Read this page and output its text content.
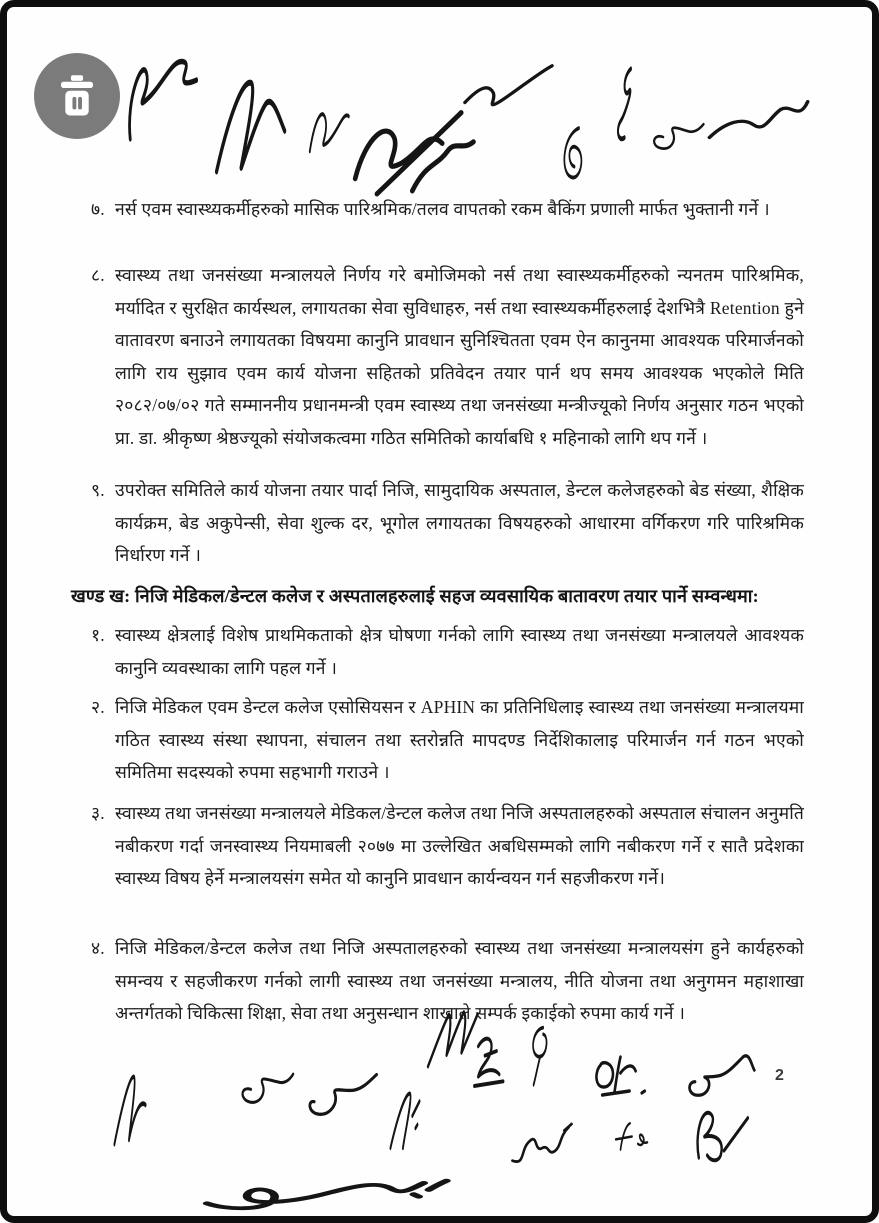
७. नर्स एवम स्वास्थ्यकर्मीहरुको मासिक पारिश्रमिक/तलव वापतको रकम बैकिंग प्रणाली मार्फत भुक्तानी गर्ने ।
८. स्वास्थ्य तथा जनसंख्या मन्त्रालयले निर्णय गरे बमोजिमको नर्स तथा स्वास्थ्यकर्मीहरुको न्यनतम पारिश्रमिक, मर्यादित र सुरक्षित कार्यस्थल, लगायतका सेवा सुविधाहरु, नर्स तथा स्वास्थ्यकर्मीहरुलाई देशभित्रै Retention हुने वातावरण बनाउने लगायतका विषयमा कानुनि प्रावधान सुनिश्चितता एवम ऐन कानुनमा आवश्यक परिमार्जनको लागि राय सुझाव एवम कार्य योजना सहितको प्रतिवेदन तयार पार्न थप समय आवश्यक भएकोले मिति २०८२/०७/०२ गते सम्माननीय प्रधानमन्त्री एवम स्वास्थ्य तथा जनसंख्या मन्त्रीज्यूको निर्णय अनुसार गठन भएको प्रा. डा. श्रीकृष्ण श्रेष्ठज्यूको संयोजकत्वमा गठित समितिको कार्याबधि १ महिनाको लागि थप गर्ने ।
९. उपरोक्त समितिले कार्य योजना तयार पार्दा निजि, सामुदायिक अस्पताल, डेन्टल कलेजहरुको बेड संख्या, शैक्षिक कार्यक्रम, बेड अकुपेन्सी, सेवा शुल्क दर, भूगोल लगायतका विषयहरुको आधारमा वर्गिकरण गरि पारिश्रमिक निर्धारण गर्ने ।
खण्ड ख: निजि मेडिकल/डेन्टल कलेज र अस्पतालहरुलाई सहज व्यवसायिक बातावरण तयार पार्ने सम्वन्धमा:
१. स्वास्थ्य क्षेत्रलाई विशेष प्राथमिकताको क्षेत्र घोषणा गर्नको लागि स्वास्थ्य तथा जनसंख्या मन्त्रालयले आवश्यक कानुनि व्यवस्थाका लागि पहल गर्ने ।
२. निजि मेडिकल एवम डेन्टल कलेज एसोसियसन र APHIN का प्रतिनिधिलाइ स्वास्थ्य तथा जनसंख्या मन्त्रालयमा गठित स्वास्थ्य संस्था स्थापना, संचालन तथा स्तरोन्नति मापदण्ड निर्देशिकालाइ परिमार्जन गर्न गठन भएको समितिमा सदस्यको रुपमा सहभागी गराउने ।
३. स्वास्थ्य तथा जनसंख्या मन्त्रालयले मेडिकल/डेन्टल कलेज तथा निजि अस्पतालहरुको अस्पताल संचालन अनुमति नबीकरण गर्दा जनस्वास्थ्य नियमाबली २०७७ मा उल्लेखित अबधिसम्मको लागि नबीकरण गर्ने र सातै प्रदेशका स्वास्थ्य विषय हेर्ने मन्त्रालयसंग समेत यो कानुनि प्रावधान कार्यन्वयन गर्न सहजीकरण गर्ने।
४. निजि मेडिकल/डेन्टल कलेज तथा निजि अस्पतालहरुको स्वास्थ्य तथा जनसंख्या मन्त्रालयसंग हुने कार्यहरुको समन्वय र सहजीकरण गर्नको लागी स्वास्थ्य तथा जनसंख्या मन्त्रालय, नीति योजना तथा अनुगमन महाशाखा अन्तर्गतको चिकित्सा शिक्षा, सेवा तथा अनुसन्धान शाखाले सम्पर्क इकाईको रुपमा कार्य गर्ने ।
2
